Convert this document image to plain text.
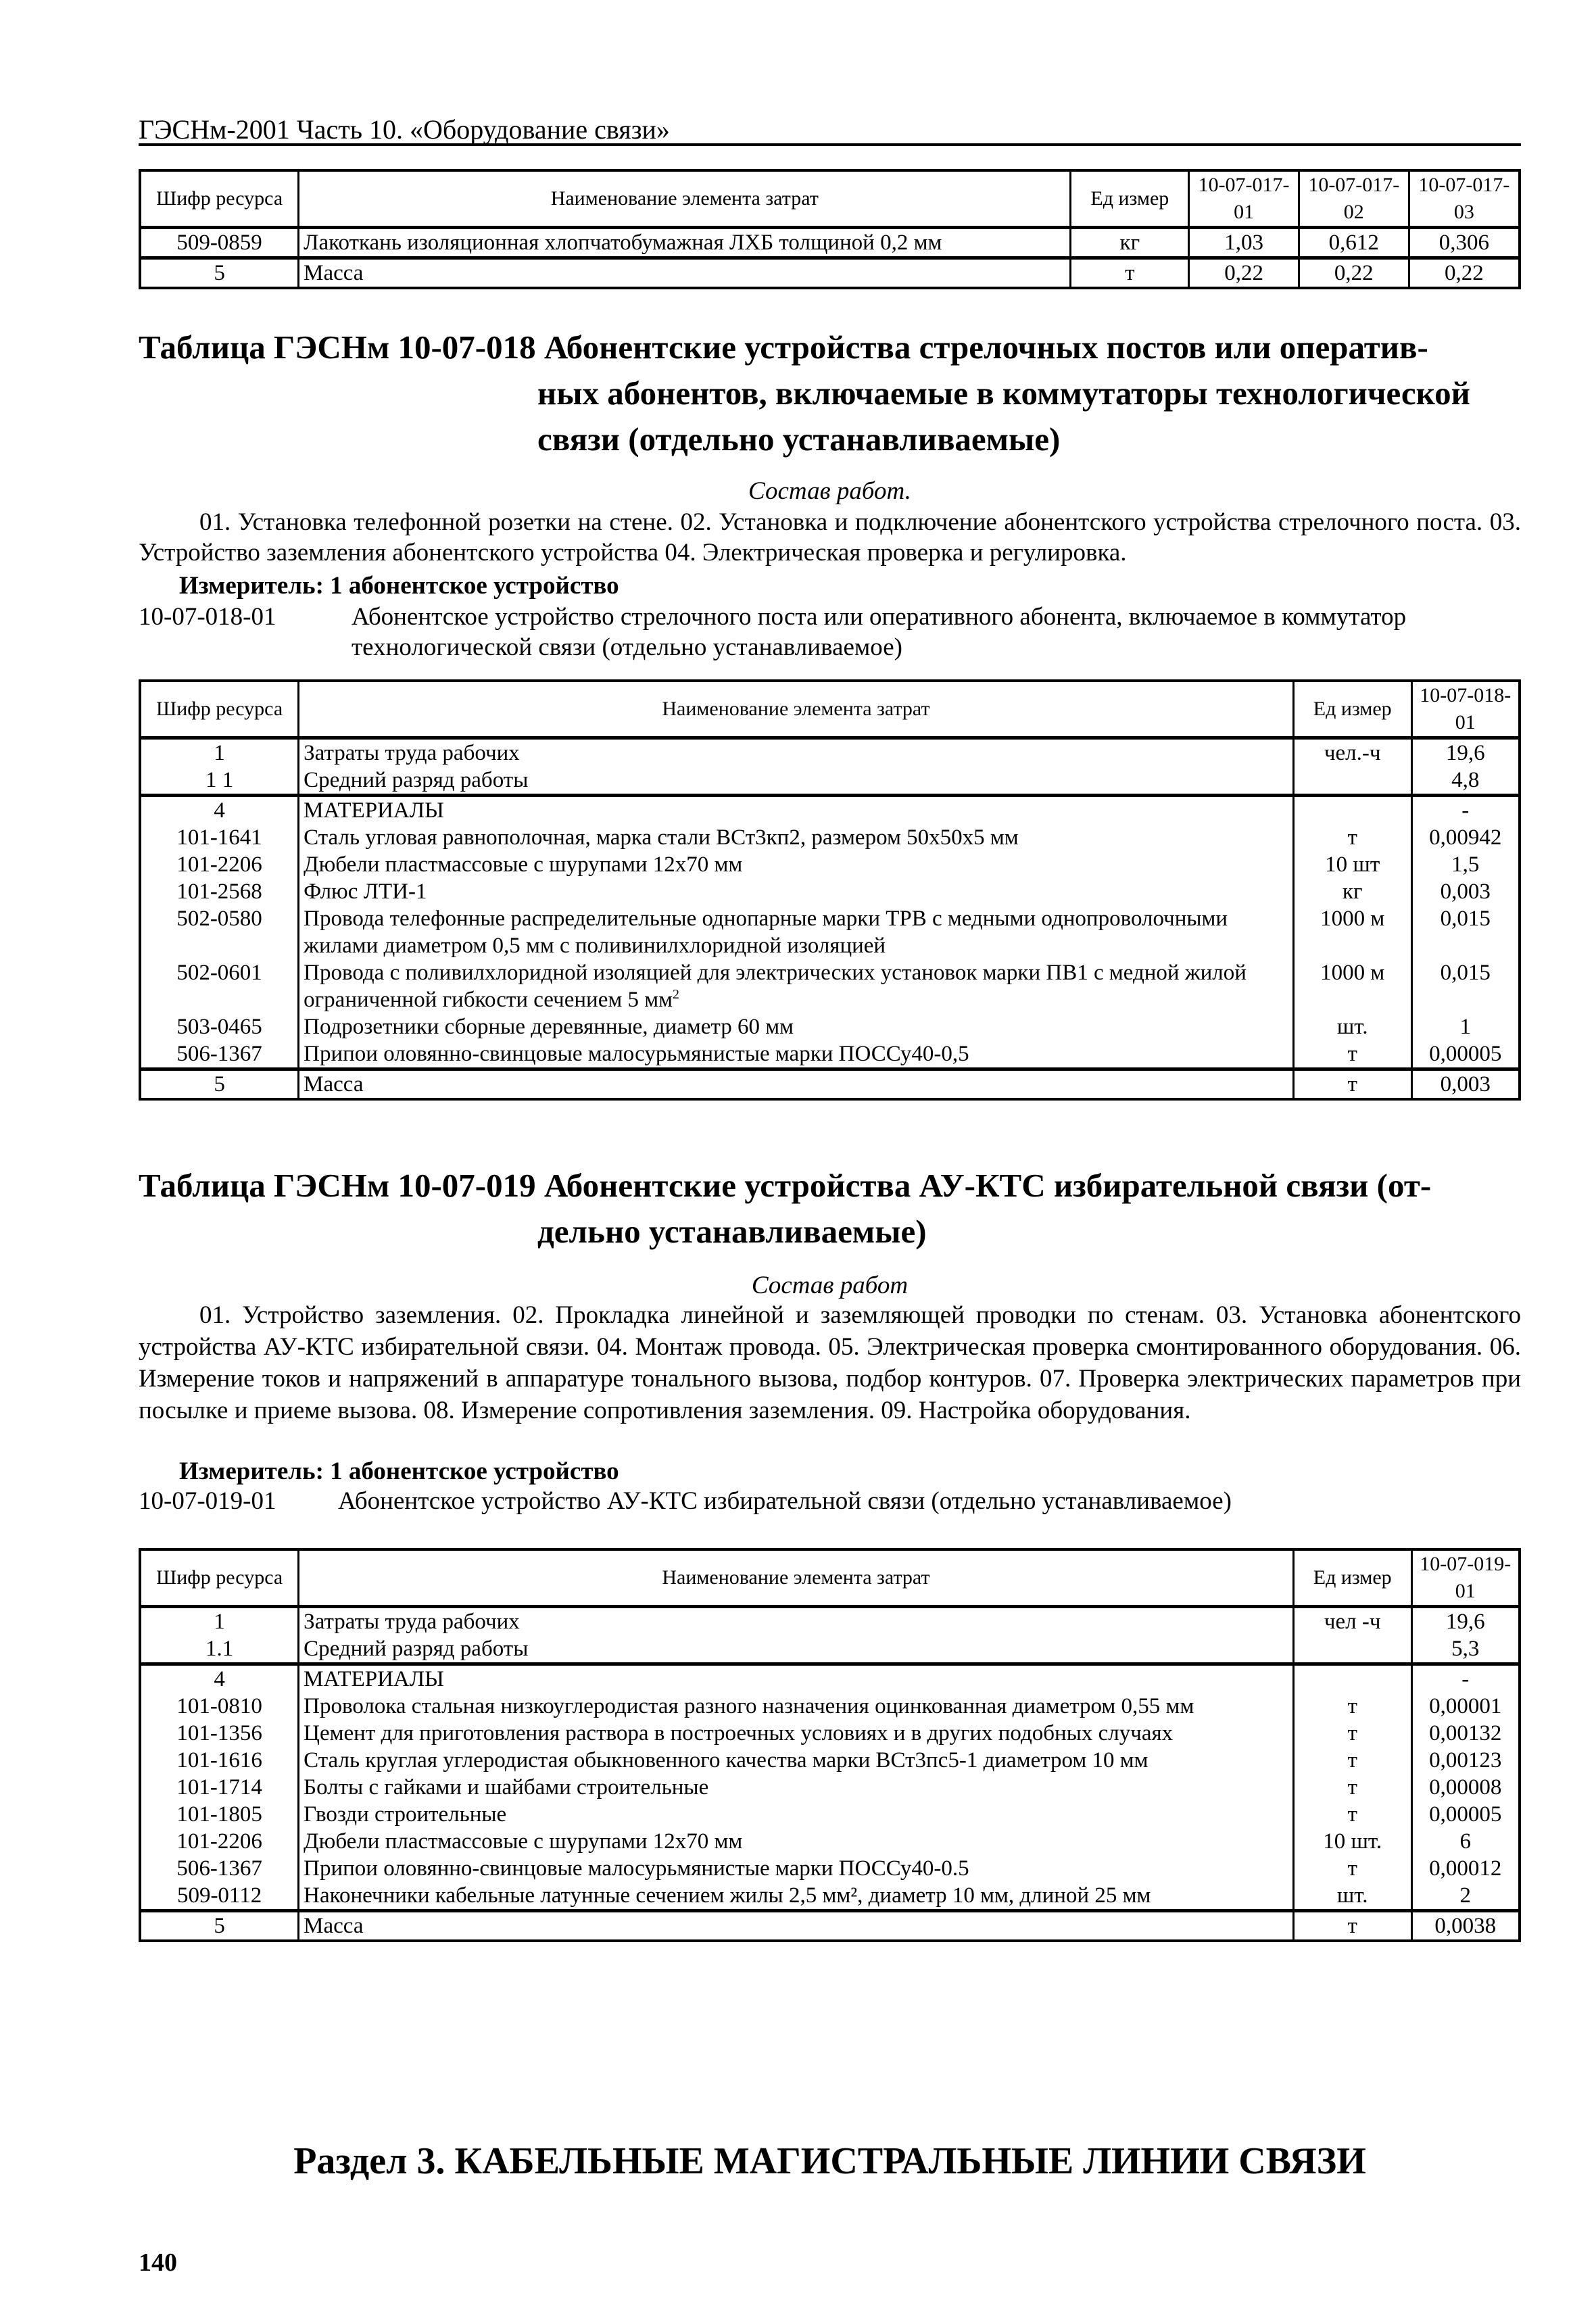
ГЭСНм-2001 Часть 10. «Оборудование связи»
Шифр ресурса	Наименование элемента затрат	Ед измер	10-07-017-01	10-07-017-02	10-07-017-03
509-0859	Лакоткань изоляционная хлопчатобумажная ЛХБ толщиной 0,2 мм	кг	1,03	0,612	0,306
5	Масса	т	0,22	0,22	0,22
Таблица ГЭСНм 10-07-018 Абонентские устройства стрелочных постов или оператив-
ных абонентов, включаемые в коммутаторы технологической
связи (отдельно устанавливаемые)
Состав работ.
01. Установка телефонной розетки на стене. 02. Установка и подключение абонентского устройства стрелочного поста. 03. Устройство заземления абонентского устройства 04. Электрическая проверка и регулировка.
Измеритель: 1 абонентское устройство
10-07-018-01	Абонентское устройство стрелочного поста или оперативного абонента, включаемое в коммутатор технологической связи (отдельно устанавливаемое)
Шифр ресурса	Наименование элемента затрат	Ед измер	10-07-018-01
1	Затраты труда рабочих	чел.-ч	19,6
1 1	Средний разряд работы		4,8
4	МАТЕРИАЛЫ		-
101-1641	Сталь угловая равнополочная, марка стали ВСт3кп2, размером 50х50х5 мм	т	0,00942
101-2206	Дюбели пластмассовые с шурупами 12х70 мм	10 шт	1,5
101-2568	Флюс ЛТИ-1	кг	0,003
502-0580	Провода телефонные распределительные однопарные марки ТРВ с медными однопроволочными жилами диаметром 0,5 мм с поливинилхлоридной изоляцией	1000 м	0,015
502-0601	Провода с поливилхлоридной изоляцией для электрических установок марки ПВ1 с медной жилой ограниченной гибкости сечением 5 $мм^2$	1000 м	0,015
503-0465	Подрозетники сборные деревянные, диаметр 60 мм	шт.	1
506-1367	Припои оловянно-свинцовые малосурьмянистые марки ПОССу40-0,5	т	0,00005
5	Масса	т	0,003
Таблица ГЭСНм 10-07-019 Абонентские устройства АУ-КТС избирательной связи (от-
дельно устанавливаемые)
Состав работ
01. Устройство заземления. 02. Прокладка линейной и заземляющей проводки по стенам. 03. Установка абонентского устройства АУ-КТС избирательной связи. 04. Монтаж провода. 05. Электрическая проверка смонтированного оборудования. 06. Измерение токов и напряжений в аппаратуре тонального вызова, подбор контуров. 07. Проверка электрических параметров при посылке и приеме вызова. 08. Измерение сопротивления заземления. 09. Настройка оборудования.
Измеритель: 1 абонентское устройство
10-07-019-01 Абонентское устройство АУ-КТС избирательной связи (отдельно устанавливаемое)
Шифр ресурса	Наименование элемента затрат	Ед измер	10-07-019-01
1	Затраты труда рабочих	чел -ч	19,6
1.1	Средний разряд работы		5,3
4	МАТЕРИАЛЫ		-
101-0810	Проволока стальная низкоуглеродистая разного назначения оцинкованная диаметром 0,55 мм	т	0,00001
101-1356	Цемент для приготовления раствора в построечных условиях и в других подобных случаях	т	0,00132
101-1616	Сталь круглая углеродистая обыкновенного качества марки ВСт3пс5-1 диаметром 10 мм	т	0,00123
101-1714	Болты с гайками и шайбами строительные	т	0,00008
101-1805	Гвозди строительные	т	0,00005
101-2206	Дюбели пластмассовые с шурупами 12х70 мм	10 шт.	6
506-1367	Припои оловянно-свинцовые малосурьмянистые марки ПОССу40-0.5	т	0,00012
509-0112	Наконечники кабельные латунные сечением жилы 2,5 мм², диаметр 10 мм, длиной 25 мм	шт.	2
5	Масса	т	0,0038
Раздел 3. КАБЕЛЬНЫЕ МАГИСТРАЛЬНЫЕ ЛИНИИ СВЯЗИ
140
